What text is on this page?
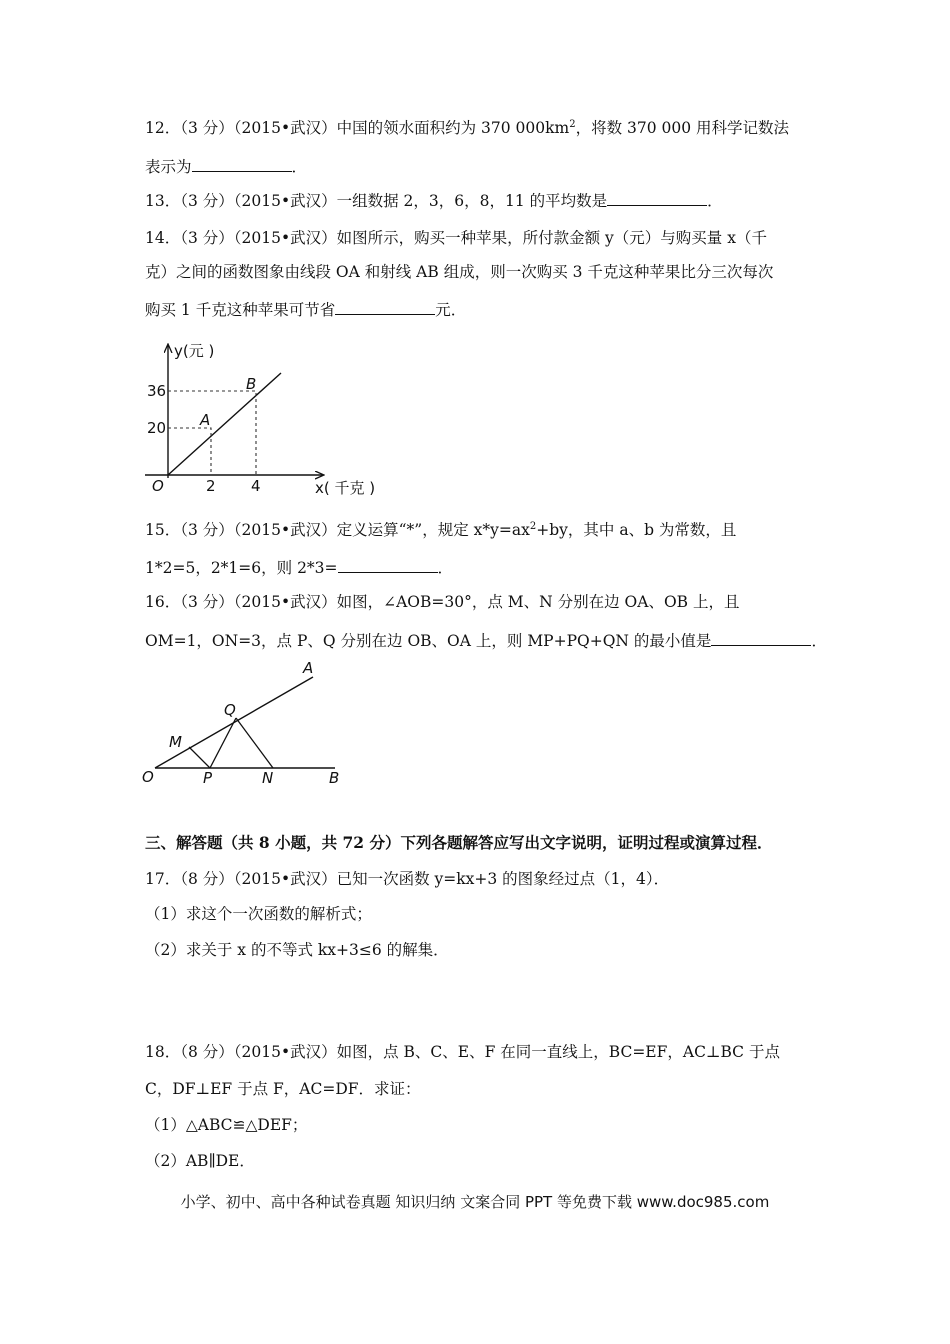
12．（3 分）（2015•武汉）中国的领水面积约为 370 $000km^2$，将数 370 000 用科学记数法
表示为	．
13．（3 分）（2015•武汉）一组数据 2，3，6，8，11 的平均数是	．
14．（3 分）（2015•武汉）如图所示，购买一种苹果，所付款金额 y（元）与购买量 x（千
克）之间的函数图象由线段 OA 和射线 AB 组成，则一次购买 3 千克这种苹果比分三次每次
购买 1 千克这种苹果可节省	元．
y(元 )
x( 千克 )
O
36
20
2 4
A
B
15．（3 分）（2015•武汉）定义运算“*”，规定 $x*y=ax^2+by$，其中 a、b 为常数，且
1*2=5，2*1=6，则 2*3=	．
16．（3 分）（2015•武汉）如图，∠AOB=30°，点 M、N 分别在边 OA、OB 上，且
OM=1，ON=3，点 P、Q 分别在边 OB、OA 上，则 MP+PQ+QN 的最小值是	．
A
Q
M
O	P	N	B
三、解答题（共 8 小题，共 72 分）下列各题解答应写出文字说明，证明过程或演算过程．
17．（8 分）（2015•武汉）已知一次函数 y=kx+3 的图象经过点（1，4）．
（1）求这个一次函数的解析式；
（2）求关于 x 的不等式 kx+3≤6 的解集．
18．（8 分）（2015•武汉）如图，点 B、C、E、F 在同一直线上，BC=EF，AC⊥BC 于点
C，DF⊥EF 于点 F，AC=DF．求证：
（1）△ABC≌△DEF；
（2）AB∥DE．
小学、初中、高中各种试卷真题 知识归纳 文案合同 PPT 等免费下载 www.doc985.com
